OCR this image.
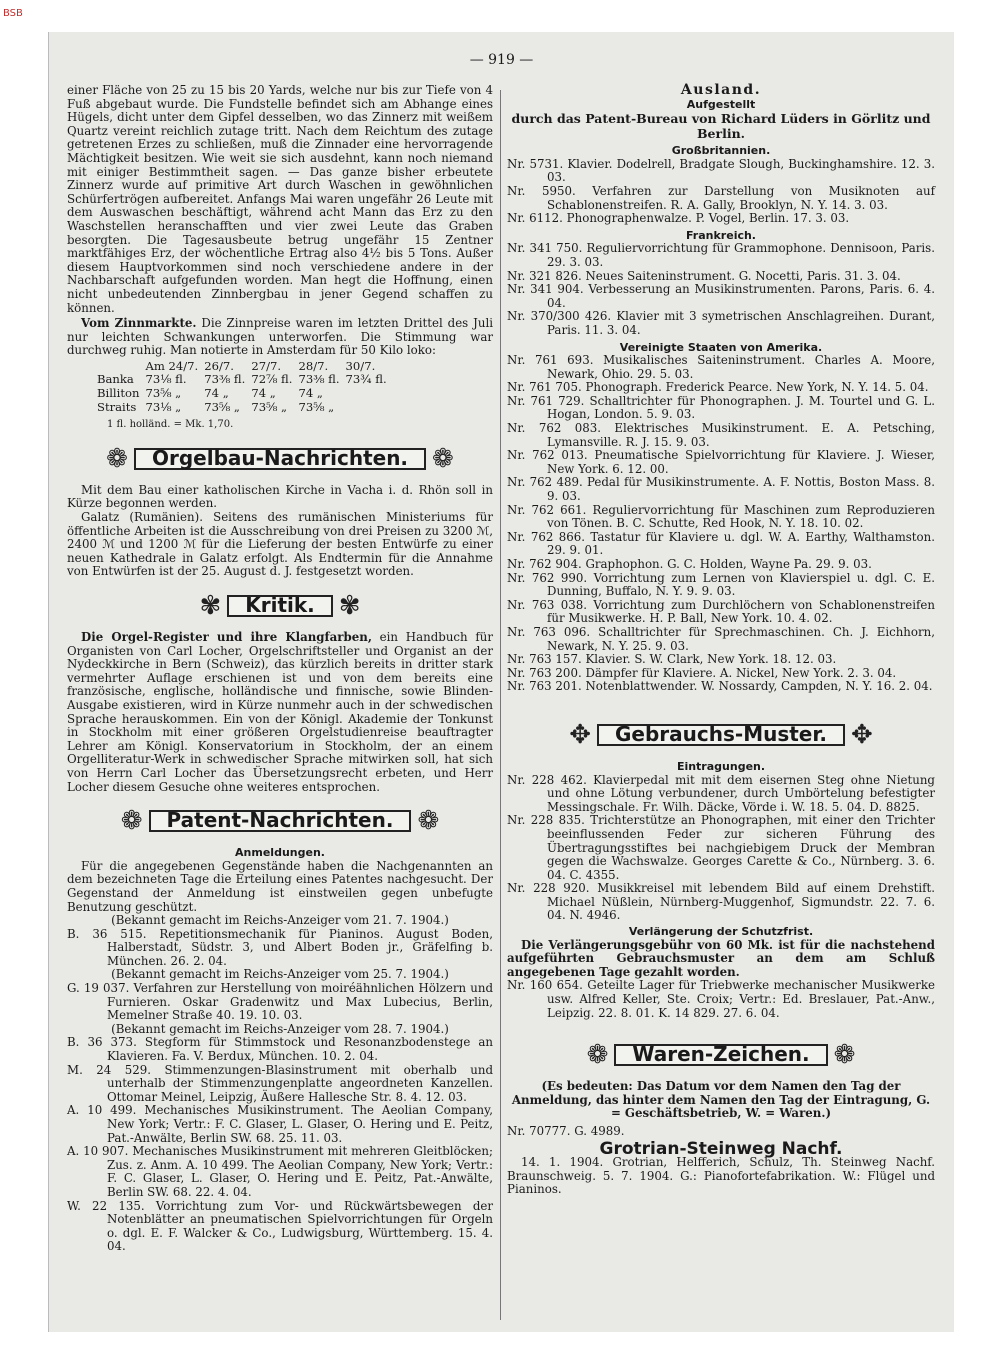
BSB
— 919 —

einer Fläche von 25 zu 15 bis 20 Yards, welche nur bis zur Tiefe von 4 Fuß abgebaut wurde. Die Fundstelle befindet sich am Abhange eines Hügels, dicht unter dem Gipfel desselben, wo das Zinnerz mit weißem Quartz vereint reichlich zutage tritt. Nach dem Reichtum des zutage getretenen Erzes zu schließen, muß die Zinnader eine hervorragende Mächtigkeit besitzen. Wie weit sie sich ausdehnt, kann noch niemand mit einiger Bestimmtheit sagen. — Das ganze bisher erbeutete Zinnerz wurde auf primitive Art durch Waschen in gewöhnlichen Schürfertrögen aufbereitet. Anfangs Mai waren ungefähr 26 Leute mit dem Auswaschen beschäftigt, während acht Mann das Erz zu den Waschstellen heranschafften und vier zwei Leute das Graben besorgten. Die Tagesausbeute betrug ungefähr 15 Zentner marktfähiges Erz, der wöchentliche Ertrag also 4½ bis 5 Tons. Außer diesem Hauptvorkommen sind noch verschiedene andere in der Nachbarschaft aufgefunden worden. Man hegt die Hoffnung, einen nicht unbedeutenden Zinnbergbau in jener Gegend schaffen zu können.

Vom Zinnmarkte. Die Zinnpreise waren im letzten Drittel des Juli nur leichten Schwankungen unterworfen. Die Stimmung war durchweg ruhig. Man notierte in Amsterdam für 50 Kilo loko:

	Am 24/7.	26/7.	27/7.	28/7.	30/7.
Banka	73⅛ fl.	73⅜ fl.	72⅞ fl.	73⅜ fl.	73¾ fl.
Billiton	73⅝ „	74 „	74 „	74 „	
Straits	73⅛ „	73⅝ „	73⅝ „	73⅝ „	

1 fl. holländ. = Mk. 1,70.

❁	Orgelbau-Nachrichten. ❁

Mit dem Bau einer katholischen Kirche in Vacha i. d. Rhön soll in Kürze begonnen werden.

Galatz (Rumänien). Seitens des rumänischen Ministeriums für öffentliche Arbeiten ist die Ausschreibung von drei Preisen zu 3200 ℳ, 2400 ℳ und 1200 ℳ für die Lieferung der besten Entwürfe zu einer neuen Kathedrale in Galatz erfolgt. Als Endtermin für die Annahme von Entwürfen ist der 25. August d. J. festgesetzt worden.

✾	Kritik. ✾

Die Orgel-Register und ihre Klangfarben, ein Handbuch für Organisten von Carl Locher, Orgelschriftsteller und Organist an der Nydeckkirche in Bern (Schweiz), das kürzlich bereits in dritter stark vermehrter Auflage erschienen ist und von dem bereits eine französische, englische, holländische und finnische, sowie Blinden-Ausgabe existieren, wird in Kürze nunmehr auch in der schwedischen Sprache herauskommen. Ein von der Königl. Akademie der Tonkunst in Stockholm mit einer größeren Orgelstudienreise beauftragter Lehrer am Königl. Konservatorium in Stockholm, der an einem Orgelliteratur-Werk in schwedischer Sprache mitwirken soll, hat sich von Herrn Carl Locher das Übersetzungsrecht erbeten, und Herr Locher diesem Gesuche ohne weiteres entsprochen.

❁	Patent-Nachrichten. ❁

Anmeldungen.

Für die angegebenen Gegenstände haben die Nachgenannten an dem bezeichneten Tage die Erteilung eines Patentes nachgesucht. Der Gegenstand der Anmeldung ist einstweilen gegen unbefugte Benutzung geschützt.

(Bekannt gemacht im Reichs-Anzeiger vom 21. 7. 1904.)

B. 36 515. Repetitionsmechanik für Pianinos. August Boden, Halberstadt, Südstr. 3, und Albert Boden jr., Gräfelfing b. München. 26. 2. 04.

(Bekannt gemacht im Reichs-Anzeiger vom 25. 7. 1904.)

G. 19 037. Verfahren zur Herstellung von moiréähnlichen Hölzern und Furnieren. Oskar Gradenwitz und Max Lubecius, Berlin, Memelner Straße 40. 19. 10. 03.

(Bekannt gemacht im Reichs-Anzeiger vom 28. 7. 1904.)

B. 36 373. Stegform für Stimmstock und Resonanzbodenstege an Klavieren. Fa. V. Berdux, München. 10. 2. 04.

M. 24 529. Stimmenzungen-Blasinstrument mit oberhalb und unterhalb der Stimmenzungenplatte angeordneten Kanzellen. Ottomar Meinel, Leipzig, Äußere Hallesche Str. 8. 4. 12. 03.

A. 10 499. Mechanisches Musikinstrument. The Aeolian Company, New York; Vertr.: F. C. Glaser, L. Glaser, O. Hering und E. Peitz, Pat.-Anwälte, Berlin SW. 68. 25. 11. 03.

A. 10 907. Mechanisches Musikinstrument mit mehreren Gleitblöcken; Zus. z. Anm. A. 10 499. The Aeolian Company, New York; Vertr.: F. C. Glaser, L. Glaser, O. Hering und E. Peitz, Pat.-Anwälte, Berlin SW. 68. 22. 4. 04.

W. 22 135. Vorrichtung zum Vor- und Rückwärtsbewegen der Notenblätter an pneumatischen Spielvorrichtungen für Orgeln o. dgl. E. F. Walcker & Co., Ludwigsburg, Württemberg. 15. 4. 04.

Ausland.

Aufgestellt

durch das Patent-Bureau von Richard Lüders in Görlitz und Berlin.

Großbritannien.

Nr. 5731. Klavier. Dodelrell, Bradgate Slough, Buckinghamshire. 12. 3. 03.

Nr. 5950. Verfahren zur Darstellung von Musiknoten auf Schablonenstreifen. R. A. Gally, Brooklyn, N. Y. 14. 3. 03.

Nr. 6112. Phonographenwalze. P. Vogel, Berlin. 17. 3. 03.

Frankreich.

Nr. 341 750. Reguliervorrichtung für Grammophone. Dennisoon, Paris. 29. 3. 03.

Nr. 321 826. Neues Saiteninstrument. G. Nocetti, Paris. 31. 3. 04.

Nr. 341 904. Verbesserung an Musikinstrumenten. Parons, Paris. 6. 4. 04.

Nr. 370/300 426. Klavier mit 3 symetrischen Anschlagreihen. Durant, Paris. 11. 3. 04.

Vereinigte Staaten von Amerika.

Nr. 761 693. Musikalisches Saiteninstrument. Charles A. Moore, Newark, Ohio. 29. 5. 03.

Nr. 761 705. Phonograph. Frederick Pearce. New York, N. Y. 14. 5. 04.

Nr. 761 729. Schalltrichter für Phonographen. J. M. Tourtel und G. L. Hogan, London. 5. 9. 03.

Nr. 762 083. Elektrisches Musikinstrument. E. A. Petsching, Lymansville. R. J. 15. 9. 03.

Nr. 762 013. Pneumatische Spielvorrichtung für Klaviere. J. Wieser, New York. 6. 12. 00.

Nr. 762 489. Pedal für Musikinstrumente. A. F. Nottis, Boston Mass. 8. 9. 03.

Nr. 762 661. Reguliervorrichtung für Maschinen zum Reproduzieren von Tönen. B. C. Schutte, Red Hook, N. Y. 18. 10. 02.

Nr. 762 866. Tastatur für Klaviere u. dgl. W. A. Earthy, Walthamston. 29. 9. 01.

Nr. 762 904. Graphophon. G. C. Holden, Wayne Pa. 29. 9. 03.

Nr. 762 990. Vorrichtung zum Lernen von Klavierspiel u. dgl. C. E. Dunning, Buffalo, N. Y. 9. 9. 03.

Nr. 763 038. Vorrichtung zum Durchlöchern von Schablonenstreifen für Musikwerke. H. P. Ball, New York. 10. 4. 02.

Nr. 763 096. Schalltrichter für Sprechmaschinen. Ch. J. Eichhorn, Newark, N. Y. 25. 9. 03.

Nr. 763 157. Klavier. S. W. Clark, New York. 18. 12. 03.

Nr. 763 200. Dämpfer für Klaviere. A. Nickel, New York. 2. 3. 04.

Nr. 763 201. Notenblattwender. W. Nossardy, Campden, N. Y. 16. 2. 04.

✥	Gebrauchs-Muster. ✥

Eintragungen.

Nr. 228 462. Klavierpedal mit mit dem eisernen Steg ohne Nietung und ohne Lötung verbundener, durch Umbörtelung befestigter Messingschale. Fr. Wilh. Däcke, Vörde i. W. 18. 5. 04. D. 8825.

Nr. 228 835. Trichterstütze an Phonographen, mit einer den Trichter beeinflussenden Feder zur sicheren Führung des Übertragungsstiftes bei nachgiebigem Druck der Membran gegen die Wachswalze. Georges Carette & Co., Nürnberg. 3. 6. 04. C. 4355.

Nr. 228 920. Musikkreisel mit lebendem Bild auf einem Drehstift. Michael Nüßlein, Nürnberg-Muggenhof, Sigmundstr. 22. 7. 6. 04. N. 4946.

Verlängerung der Schutzfrist.

Die Verlängerungsgebühr von 60 Mk. ist für die nachstehend aufgeführten Gebrauchsmuster an dem am Schluß angegebenen Tage gezahlt worden.

Nr. 160 654. Geteilte Lager für Triebwerke mechanischer Musikwerke usw. Alfred Keller, Ste. Croix; Vertr.: Ed. Breslauer, Pat.-Anw., Leipzig. 22. 8. 01. K. 14 829. 27. 6. 04.

❁	Waren-Zeichen. ❁

(Es bedeuten: Das Datum vor dem Namen den Tag der Anmeldung, das hinter dem Namen den Tag der Eintragung, G. = Geschäftsbetrieb, W. = Waren.)

Nr. 70777. G. 4989.

Grotrian-Steinweg Nachf.

14. 1. 1904. Grotrian, Helfferich, Schulz, Th. Steinweg Nachf. Braunschweig. 5. 7. 1904. G.: Pianofortefabrikation. W.: Flügel und Pianinos.
